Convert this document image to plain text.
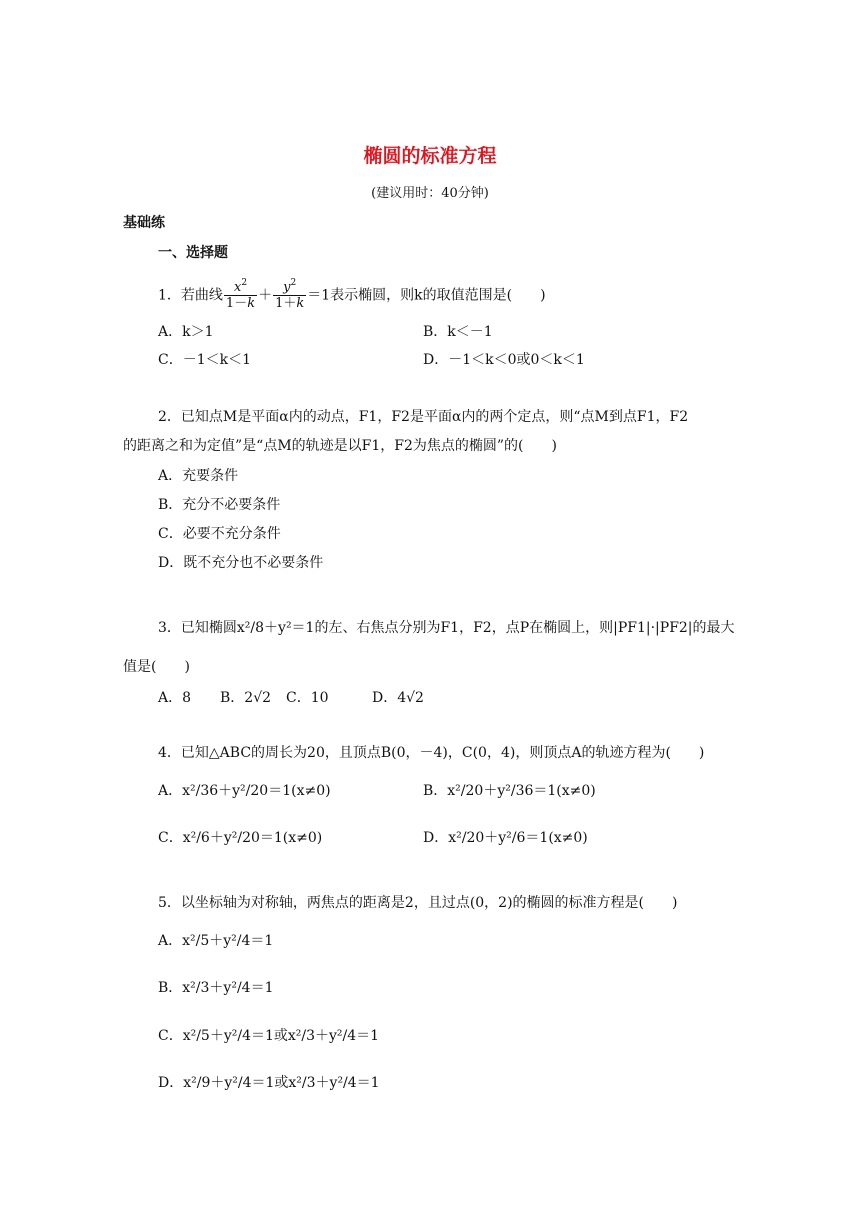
椭圆的标准方程
(建议用时：40分钟)
基础练
一、选择题
1．若曲线 $\frac{x^2}{1-k} + \frac{y^2}{1+k} =1$表示椭圆，则k的取值范围是(　　)
A．k＞1	B．k＜－1
C．－1＜k＜1	D．－1＜k＜0或0＜k＜1
2．已知点M是平面α内的动点，F1，F2是平面α内的两个定点，则“点M到点F1，F2
的距离之和为定值”是“点M的轨迹是以F1，F2为焦点的椭圆”的(　　)
A．充要条件
B．充分不必要条件
C．必要不充分条件
D．既不充分也不必要条件
3．已知椭圆x²/8＋y²＝1的左、右焦点分别为F1，F2，点P在椭圆上，则|PF1|·|PF2|的最大
值是(　　)
A．8 B．2√2 C．10	D．4√2
4．已知△ABC的周长为20，且顶点B(0，－4)，C(0，4)，则顶点A的轨迹方程为(　　)
A．x²/36＋y²/20＝1(x≠0)	B．x²/20＋y²/36＝1(x≠0)
C．x²/6＋y²/20＝1(x≠0)	D．x²/20＋y²/6＝1(x≠0)
5．以坐标轴为对称轴，两焦点的距离是2，且过点(0，2)的椭圆的标准方程是(　　)
A．x²/5＋y²/4＝1
B．x²/3＋y²/4＝1
C．x²/5＋y²/4＝1或x²/3＋y²/4＝1
D．x²/9＋y²/4＝1或x²/3＋y²/4＝1
